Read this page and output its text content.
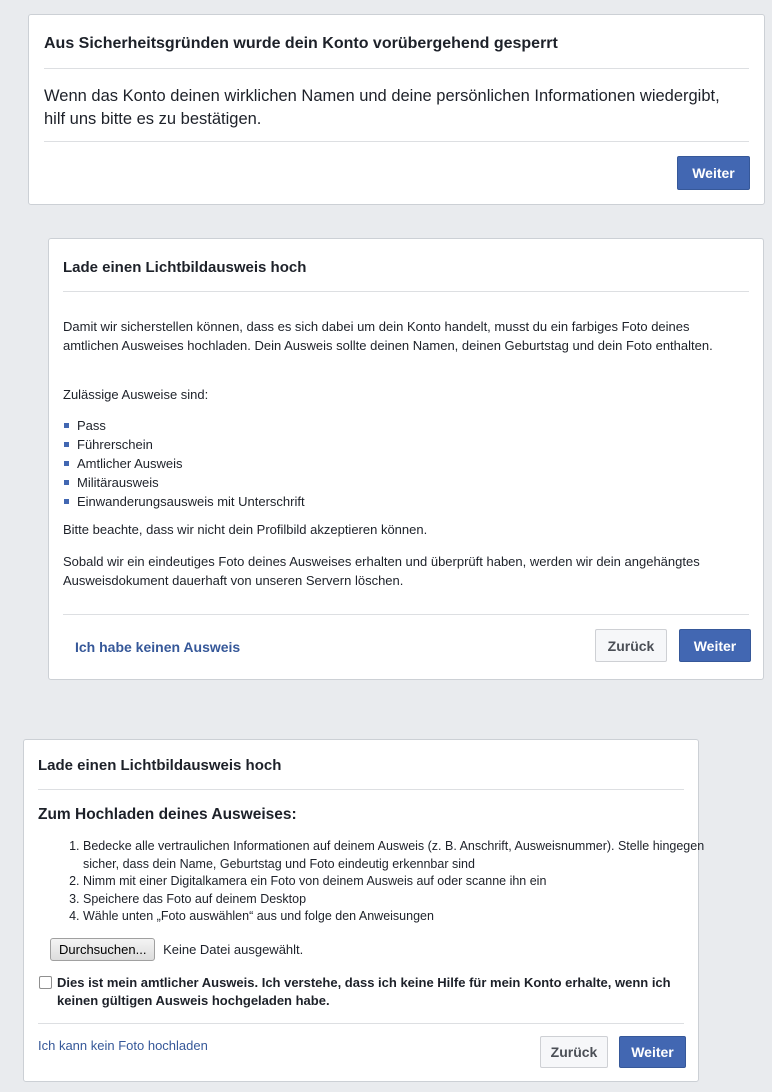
Aus Sicherheitsgründen wurde dein Konto vorübergehend gesperrt
Wenn das Konto deinen wirklichen Namen und deine persönlichen Informationen wiedergibt, hilf uns bitte es zu bestätigen.
Weiter
Lade einen Lichtbildausweis hoch
Damit wir sicherstellen können, dass es sich dabei um dein Konto handelt, musst du ein farbiges Foto deines amtlichen Ausweises hochladen. Dein Ausweis sollte deinen Namen, deinen Geburtstag und dein Foto enthalten.
Zulässige Ausweise sind:
Pass
Führerschein
Amtlicher Ausweis
Militärausweis
Einwanderungsausweis mit Unterschrift
Bitte beachte, dass wir nicht dein Profilbild akzeptieren können.
Sobald wir ein eindeutiges Foto deines Ausweises erhalten und überprüft haben, werden wir dein angehängtes Ausweisdokument dauerhaft von unseren Servern löschen.
Ich habe keinen Ausweis	Zurück	Weiter
Lade einen Lichtbildausweis hoch
Zum Hochladen deines Ausweises:
1. Bedecke alle vertraulichen Informationen auf deinem Ausweis (z. B. Anschrift, Ausweisnummer). Stelle hingegen sicher, dass dein Name, Geburtstag und Foto eindeutig erkennbar sind
2. Nimm mit einer Digitalkamera ein Foto von deinem Ausweis auf oder scanne ihn ein
3. Speichere das Foto auf deinem Desktop
4. Wähle unten „Foto auswählen“ aus und folge den Anweisungen
Durchsuchen... Keine Datei ausgewählt.
Dies ist mein amtlicher Ausweis. Ich verstehe, dass ich keine Hilfe für mein Konto erhalte, wenn ich keinen gültigen Ausweis hochgeladen habe.
Ich kann kein Foto hochladen	Zurück	Weiter
